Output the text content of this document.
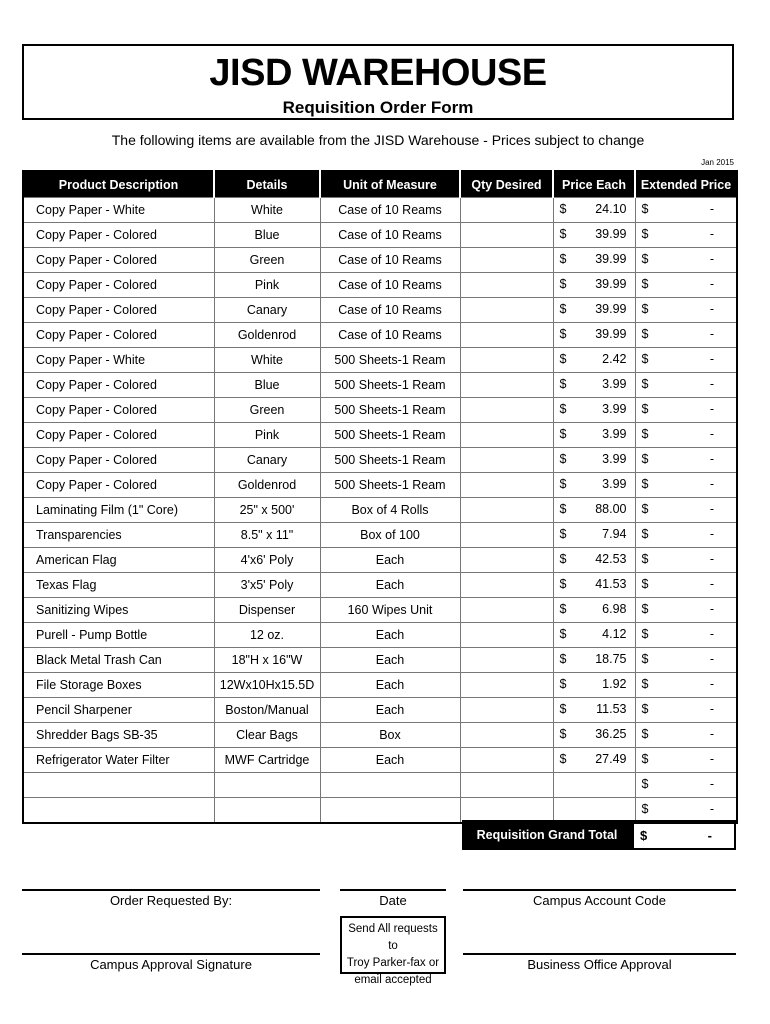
JISD WAREHOUSE
Requisition Order Form
The following items are available from the JISD Warehouse - Prices subject to change
Jan 2015
Product Description	Details	Unit of Measure	Qty Desired	Price Each	Extended Price
Copy Paper - White	White	Case of 10 Reams		$ 24.10	$ -

Copy Paper - Colored	Blue	Case of 10 Reams		$ 39.99	$ -

Copy Paper - Colored	Green	Case of 10 Reams		$ 39.99	$ -

Copy Paper - Colored	Pink	Case of 10 Reams		$ 39.99	$ -

Copy Paper - Colored	Canary	Case of 10 Reams		$ 39.99	$ -

Copy Paper - Colored	Goldenrod	Case of 10 Reams		$ 39.99	$ -

Copy Paper - White	White	500 Sheets-1 Ream		$ 2.42	$ -

Copy Paper - Colored	Blue	500 Sheets-1 Ream		$ 3.99	$ -

Copy Paper - Colored	Green	500 Sheets-1 Ream		$ 3.99	$ -

Copy Paper - Colored	Pink	500 Sheets-1 Ream		$ 3.99	$ -

Copy Paper - Colored	Canary	500 Sheets-1 Ream		$ 3.99	$ -

Copy Paper - Colored	Goldenrod	500 Sheets-1 Ream		$ 3.99	$ -

Laminating Film (1" Core)	25" x 500'	Box of 4 Rolls		$ 88.00	$ -

Transparencies	8.5" x 11"	Box of 100		$ 7.94	$ -

American Flag	4'x6' Poly	Each		$ 42.53	$ -

Texas Flag	3'x5' Poly	Each		$ 41.53	$ -

Sanitizing Wipes	Dispenser	160 Wipes Unit		$ 6.98	$ -

Purell - Pump Bottle	12 oz.	Each		$ 4.12	$ -

Black Metal Trash Can	18"H x 16"W	Each		$ 18.75	$ -

File Storage Boxes	12Wx10Hx15.5D	Each		$ 1.92	$ -

Pencil Sharpener	Boston/Manual	Each		$ 11.53	$ -

Shredder Bags SB-35	Clear Bags	Box		$ 36.25	$ -

Refrigerator Water Filter	MWF Cartridge	Each		$ 27.49	$ -

					$ -

					$ -
Requisition Grand Total	$	-
Order Requested By:	Date	Campus Account Code
Send All requests to
Troy Parker-fax or
email accepted
Campus Approval Signature	Business Office Approval
